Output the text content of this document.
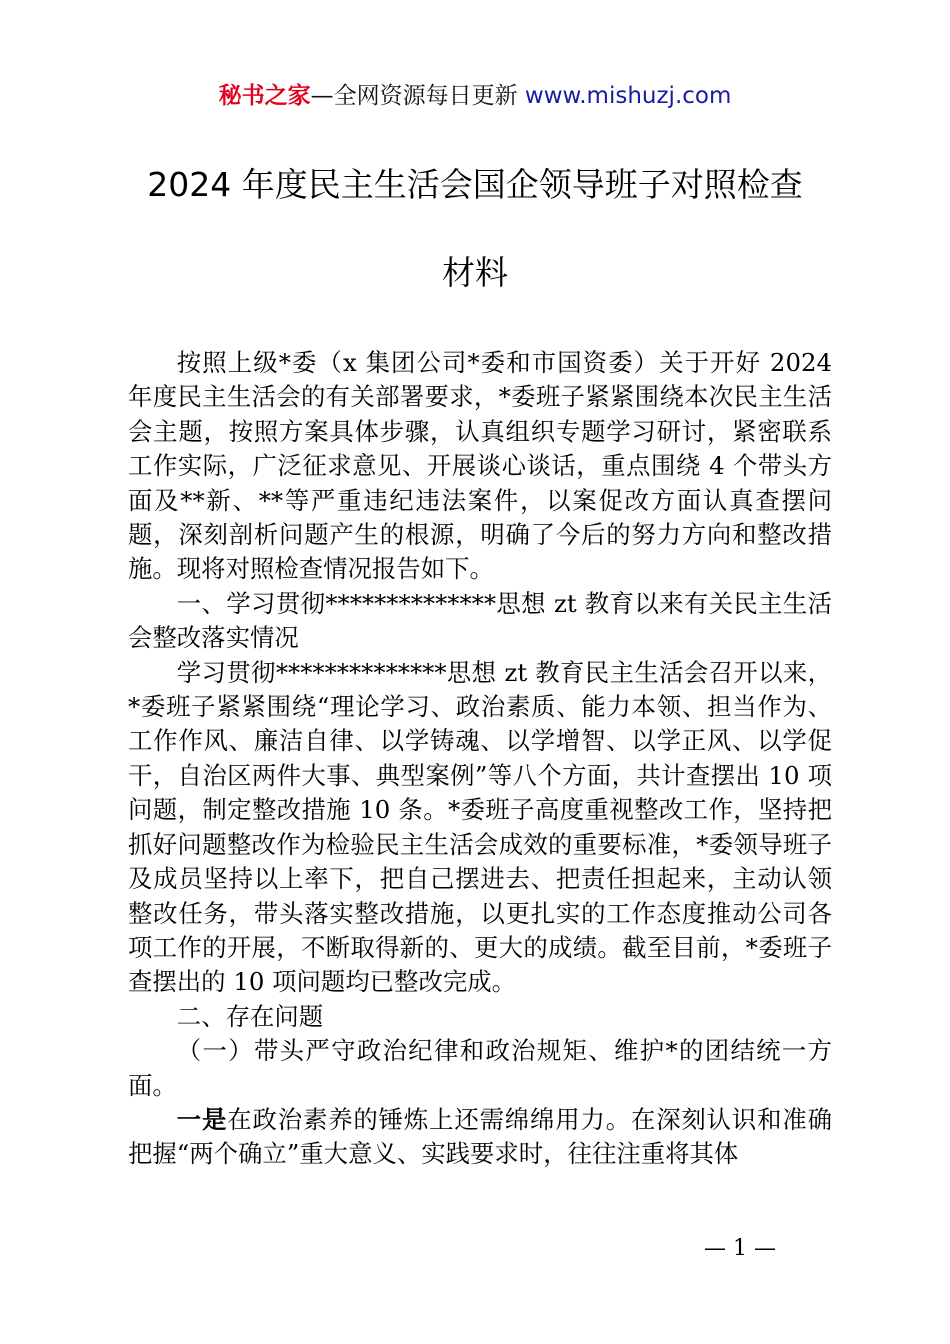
秘书之家—全网资源每日更新 www.mishuzj.com
2024 年度民主生活会国企领导班子对照检查
材料

按照上级*委（x 集团公司*委和市国资委）关于开好 2024 年度民主生活会的有关部署要求，*委班子紧紧围绕本次民主生活会主题，按照方案具体步骤，认真组织专题学习研讨，紧密联系工作实际，广泛征求意见、开展谈心谈话，重点围绕 4 个带头方面及**新、**等严重违纪违法案件，以案促改方面认真查摆问题，深刻剖析问题产生的根源，明确了今后的努力方向和整改措施。现将对照检查情况报告如下。

一、学习贯彻**************思想 zt 教育以来有关民主生活会整改落实情况

学习贯彻**************思想 zt 教育民主生活会召开以来，*委班子紧紧围绕“理论学习、政治素质、能力本领、担当作为、工作作风、廉洁自律、以学铸魂、以学增智、以学正风、以学促干，自治区两件大事、典型案例”等八个方面，共计查摆出 10 项问题，制定整改措施 10 条。*委班子高度重视整改工作，坚持把抓好问题整改作为检验民主生活会成效的重要标准，*委领导班子及成员坚持以上率下，把自己摆进去、把责任担起来，主动认领整改任务，带头落实整改措施，以更扎实的工作态度推动公司各项工作的开展，不断取得新的、更大的成绩。截至目前，*委班子查摆出的 10 项问题均已整改完成。

二、存在问题

（一）带头严守政治纪律和政治规矩、维护*的团结统一方面。

一是在政治素养的锤炼上还需绵绵用力。在深刻认识和准确把握“两个确立”重大意义、实践要求时，往往注重将其体

— 1 —
